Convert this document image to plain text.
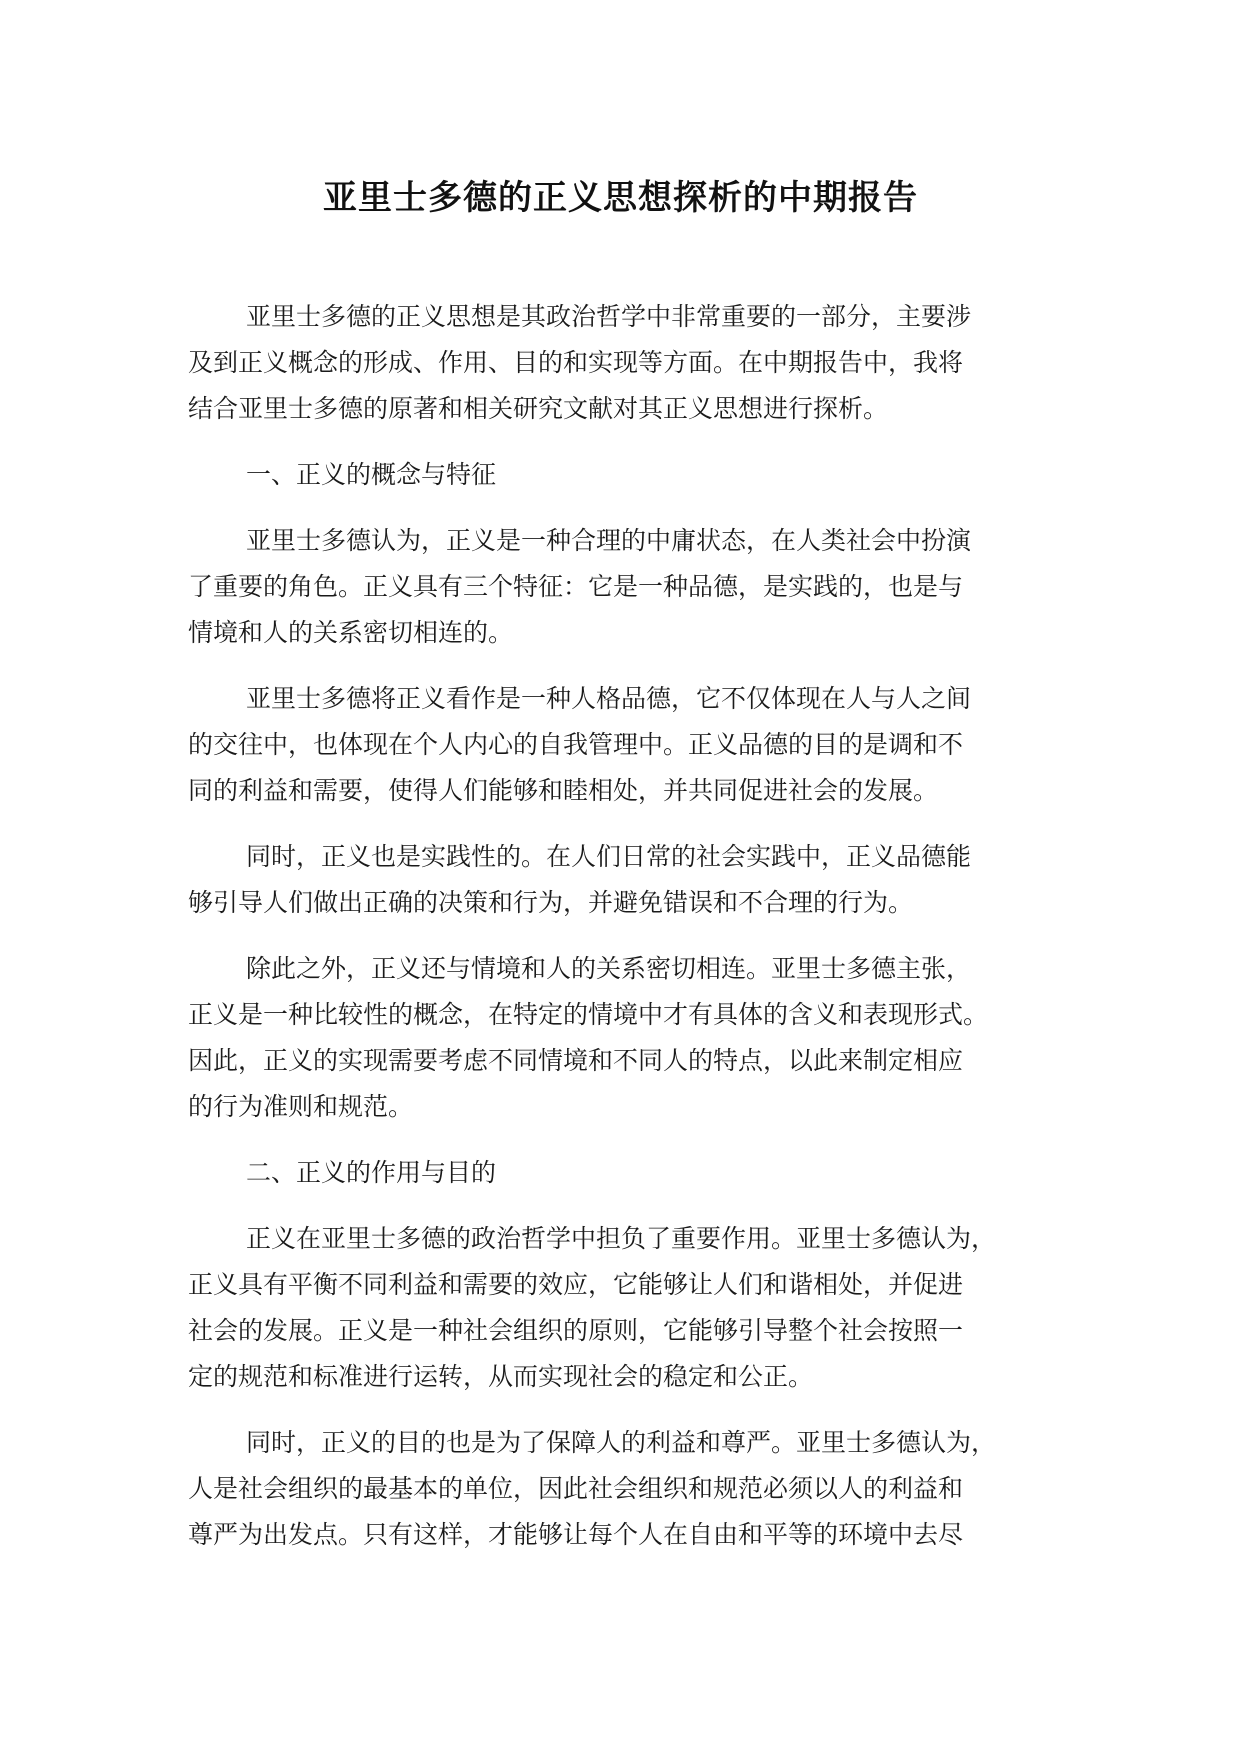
亚里士多德的正义思想探析的中期报告

亚里士多德的正义思想是其政治哲学中非常重要的一部分，主要涉
及到正义概念的形成、作用、目的和实现等方面。在中期报告中，我将
结合亚里士多德的原著和相关研究文献对其正义思想进行探析。

一、正义的概念与特征

亚里士多德认为，正义是一种合理的中庸状态，在人类社会中扮演
了重要的角色。正义具有三个特征：它是一种品德，是实践的，也是与
情境和人的关系密切相连的。

亚里士多德将正义看作是一种人格品德，它不仅体现在人与人之间
的交往中，也体现在个人内心的自我管理中。正义品德的目的是调和不
同的利益和需要，使得人们能够和睦相处，并共同促进社会的发展。

同时，正义也是实践性的。在人们日常的社会实践中，正义品德能
够引导人们做出正确的决策和行为，并避免错误和不合理的行为。

除此之外，正义还与情境和人的关系密切相连。亚里士多德主张，
正义是一种比较性的概念，在特定的情境中才有具体的含义和表现形式。
因此，正义的实现需要考虑不同情境和不同人的特点，以此来制定相应
的行为准则和规范。

二、正义的作用与目的

正义在亚里士多德的政治哲学中担负了重要作用。亚里士多德认为，
正义具有平衡不同利益和需要的效应，它能够让人们和谐相处，并促进
社会的发展。正义是一种社会组织的原则，它能够引导整个社会按照一
定的规范和标准进行运转，从而实现社会的稳定和公正。

同时，正义的目的也是为了保障人的利益和尊严。亚里士多德认为，
人是社会组织的最基本的单位，因此社会组织和规范必须以人的利益和
尊严为出发点。只有这样，才能够让每个人在自由和平等的环境中去尽
